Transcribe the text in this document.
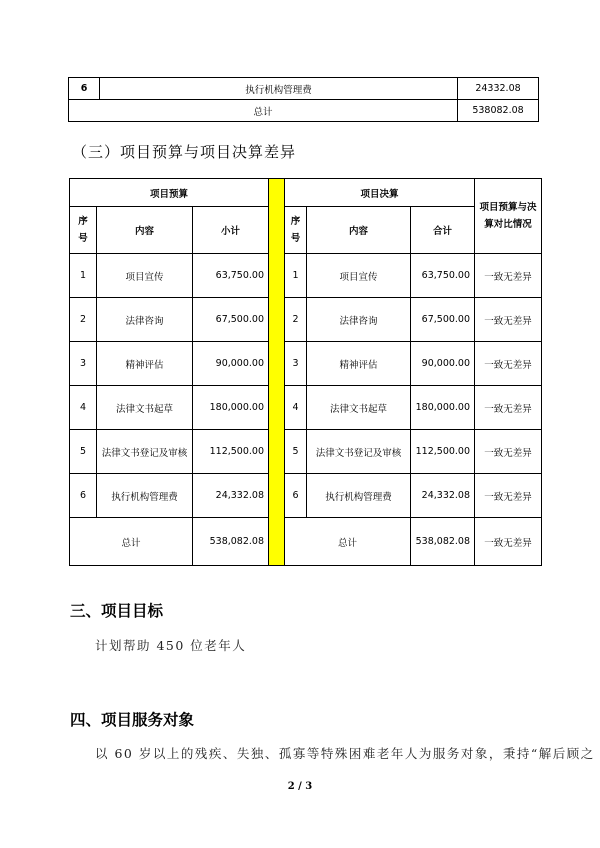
6	执行机构管理费	24332.08
总计		538082.08
（三）项目预算与项目决算差异
项目预算				项目决算			项目预算与决算对比情况
序号	内容	小计		序号	内容	合计	
1	项目宣传	63,750.00		1	项目宣传	63,750.00	一致无差异
2	法律咨询	67,500.00		2	法律咨询	67,500.00	一致无差异
3	精神评估	90,000.00		3	精神评估	90,000.00	一致无差异
4	法律文书起草	180,000.00		4	法律文书起草	180,000.00	一致无差异
5	法律文书登记及审核	112,500.00		5	法律文书登记及审核	112,500.00	一致无差异
6	执行机构管理费	24,332.08		6	执行机构管理费	24,332.08	一致无差异
总计		538,082.08		总计		538,082.08	一致无差异
三、项目目标
计划帮助 450 位老年人
四、项目服务对象
以 60 岁以上的残疾、失独、孤寡等特殊困难老年人为服务对象，秉持“解后顾之
2 / 3
